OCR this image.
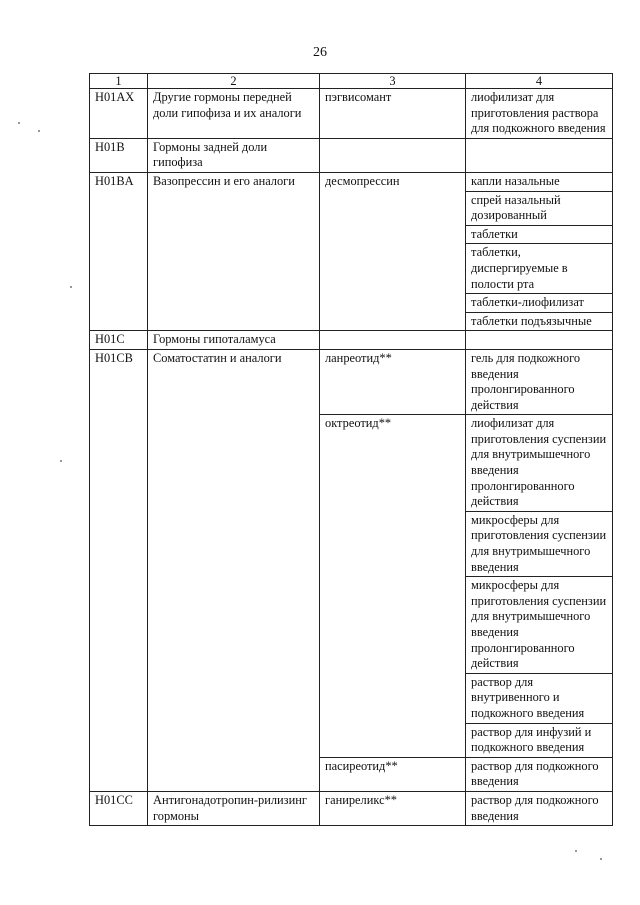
26
1	2	3	4
H01AX	Другие гормоны передней доли гипофиза и их аналоги	пэгвисомант	лиофилизат для приготовления раствора для подкожного введения
H01B	Гормоны задней доли гипофиза		
H01BA	Вазопрессин и его аналоги	десмопрессин	капли назальные
			спрей назальный дозированный
			таблетки
			таблетки, диспергируемые в полости рта
			таблетки-лиофилизат
			таблетки подъязычные
H01C	Гормоны гипоталамуса		
H01CB	Соматостатин и аналоги	ланреотид**	гель для подкожного введения пролонгированного действия
		октреотид**	лиофилизат для приготовления суспензии для внутримышечного введения пролонгированного действия
			микросферы для приготовления суспензии для внутримышечного введения
			микросферы для приготовления суспензии для внутримышечного введения пролонгированного действия
			раствор для внутривенного и подкожного введения
			раствор для инфузий и подкожного введения
		пасиреотид**	раствор для подкожного введения
H01CC	Антигонадотропин-рилизинг гормоны	ганиреликс**	раствор для подкожного введения
